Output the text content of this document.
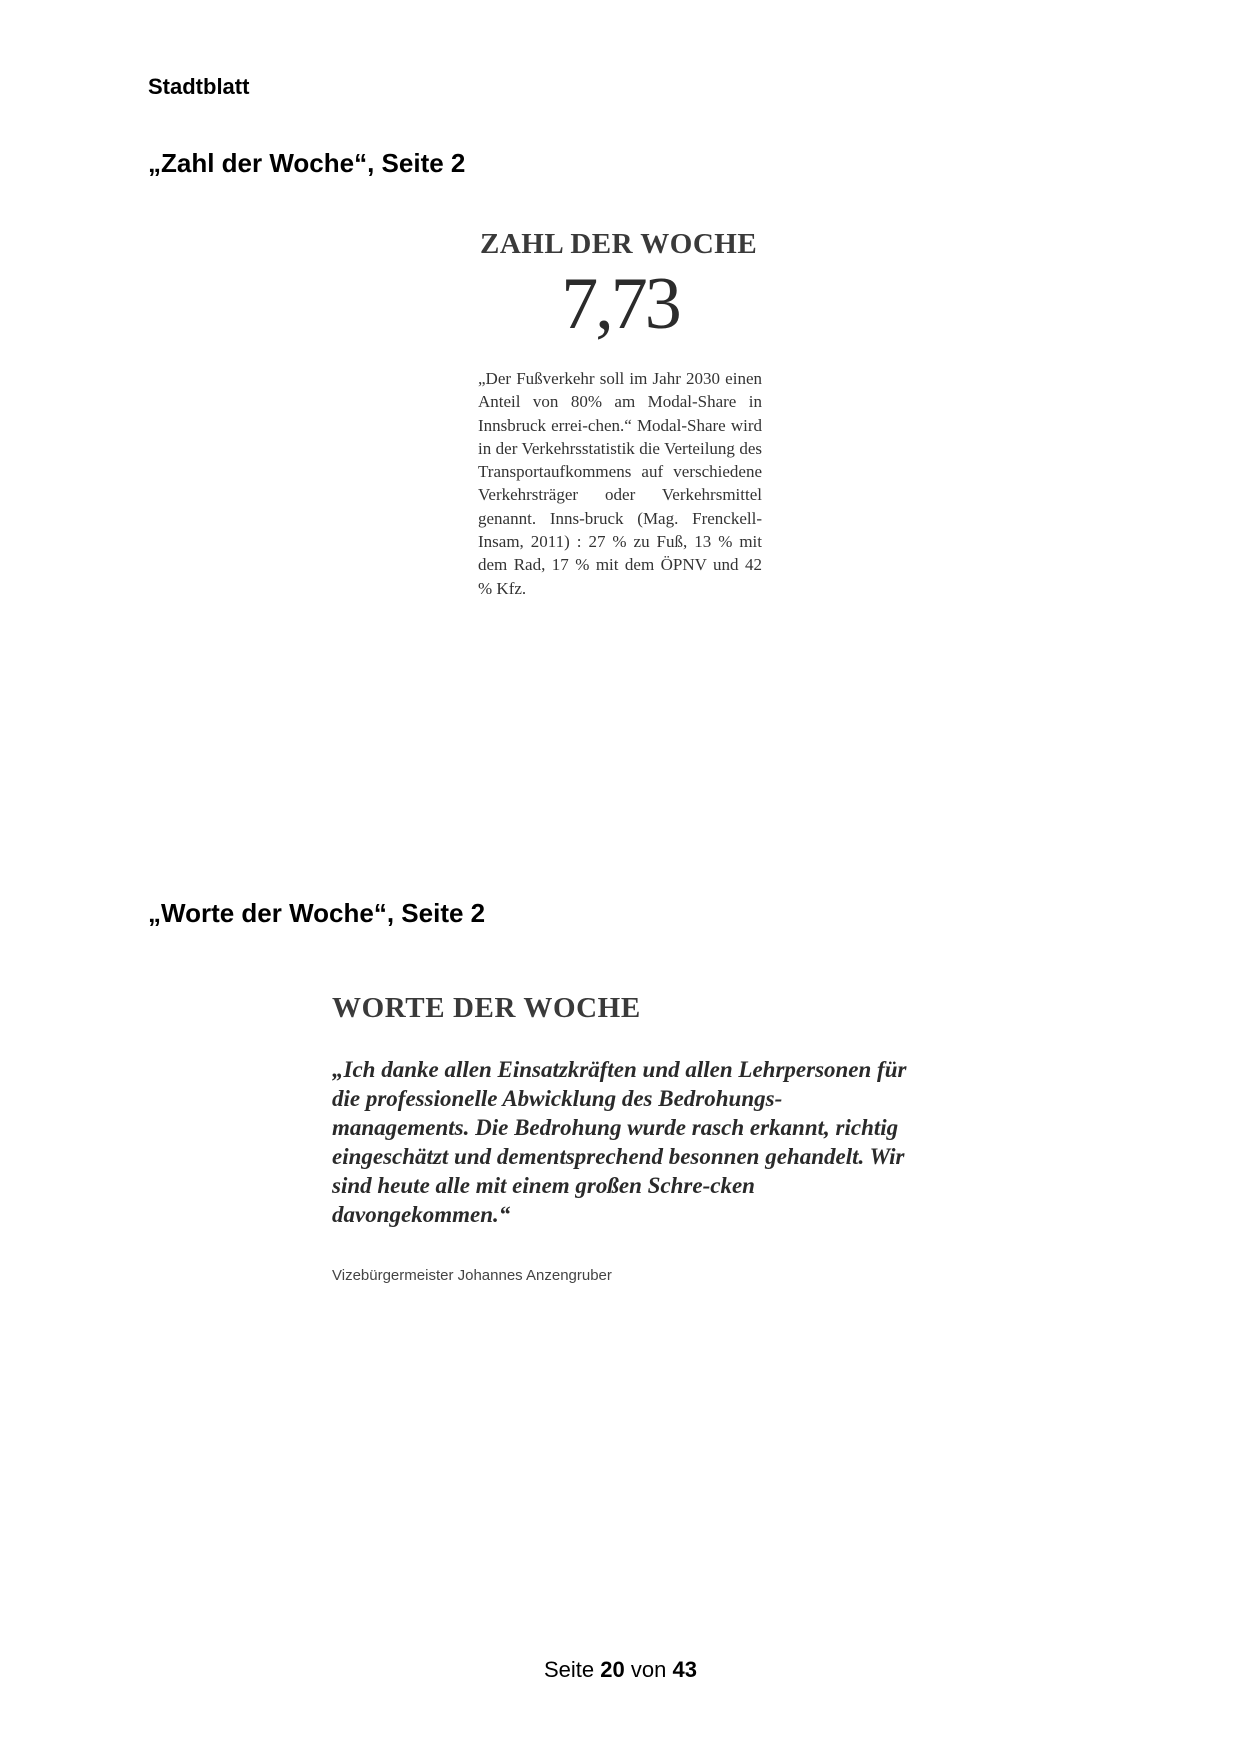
Stadtblatt
„Zahl der Woche“, Seite 2
ZAHL DER WOCHE
7,73
„Der Fußverkehr soll im Jahr 2030 einen Anteil von 80% am Modal-Share in Innsbruck errei-chen.“ Modal-Share wird in der Verkehrsstatistik die Verteilung des Transportaufkommens auf verschiedene Verkehrsträger oder Verkehrsmittel genannt. Inns-bruck (Mag. Frenckell-Insam, 2011) : 27 % zu Fuß, 13 % mit dem Rad, 17 % mit dem ÖPNV und 42 % Kfz.
„Worte der Woche“, Seite 2
WORTE DER WOCHE
„Ich danke allen Einsatzkräften und allen Lehrpersonen für die professionelle Abwicklung des Bedrohungs-managements. Die Bedrohung wurde rasch erkannt, richtig eingeschätzt und dementsprechend besonnen gehandelt. Wir sind heute alle mit einem großen Schre-cken davongekommen.“
Vizebürgermeister Johannes Anzengruber
Seite 20 von 43
